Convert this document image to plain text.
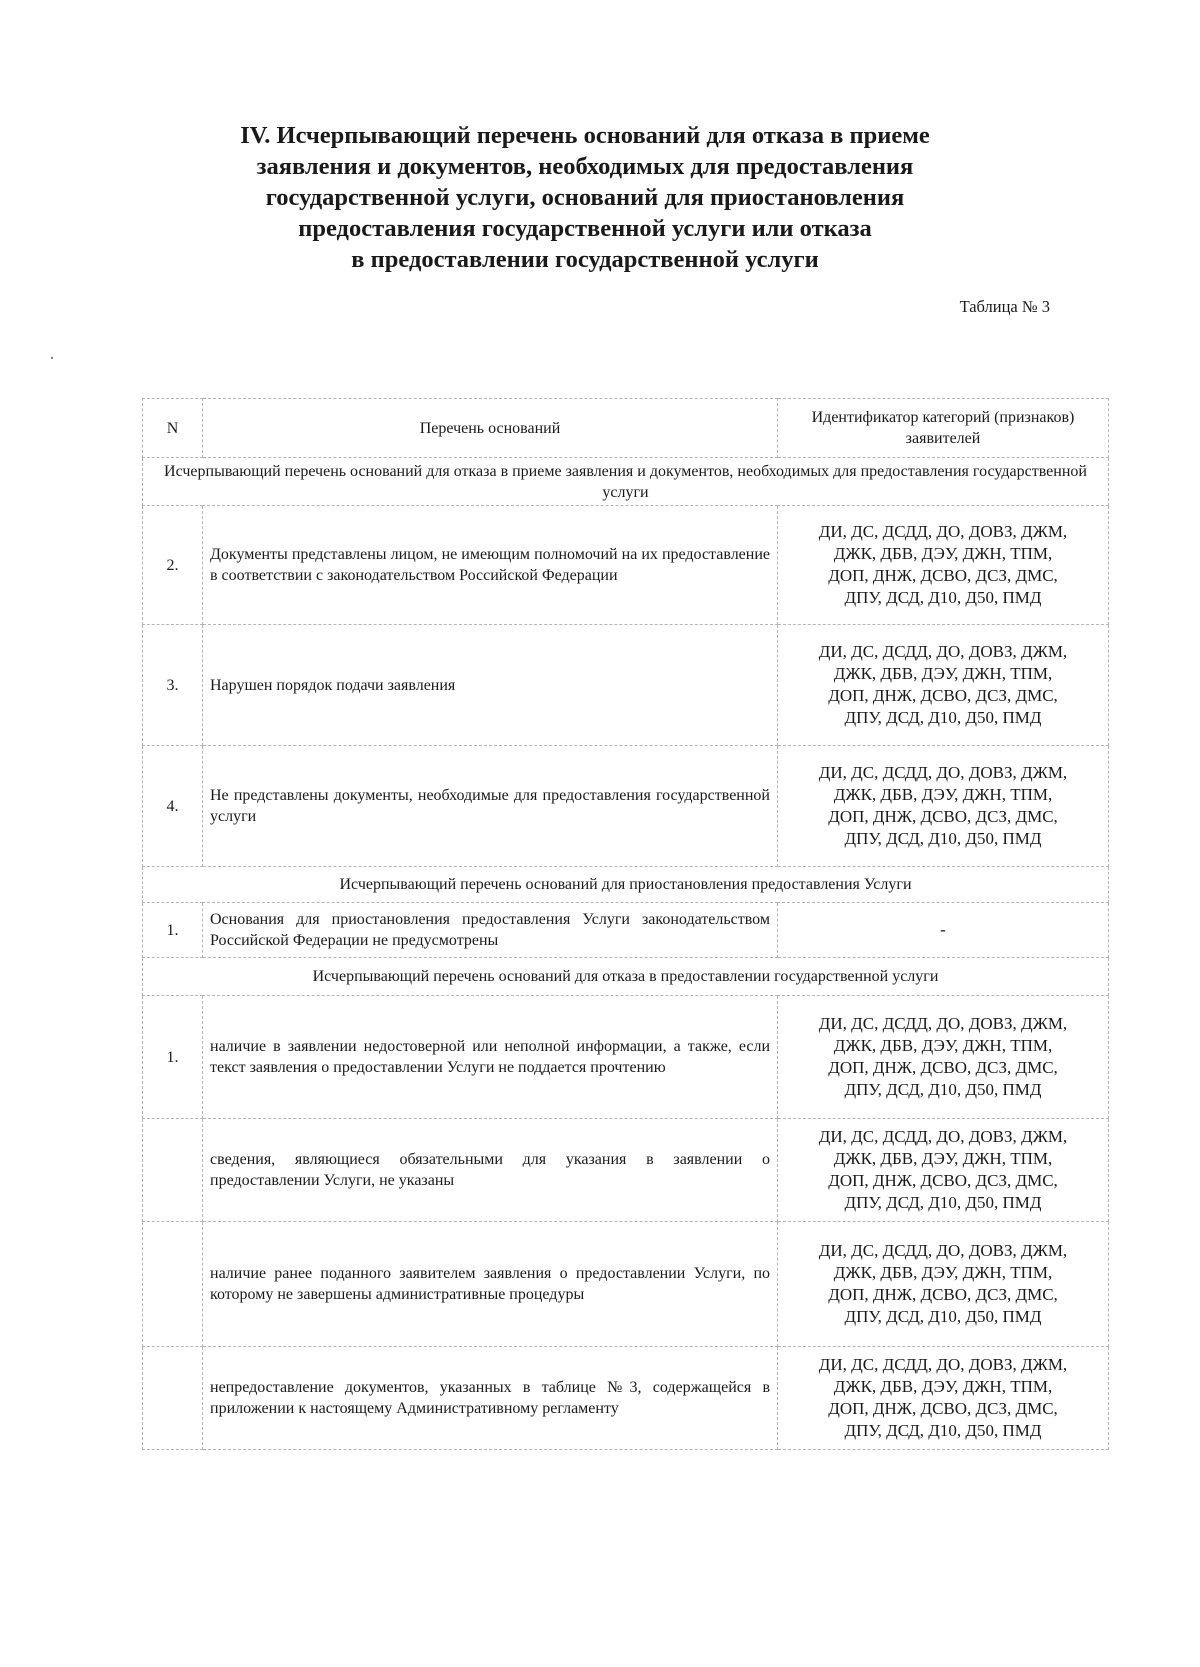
IV. Исчерпывающий перечень оснований для отказа в приеме
заявления и документов, необходимых для предоставления
государственной услуги, оснований для приостановления
предоставления государственной услуги или отказа
в предоставлении государственной услуги
Таблица № 3
N	Перечень оснований	Идентификатор категорий (признаков) заявителей
Исчерпывающий перечень оснований для отказа в приеме заявления и документов, необходимых для предоставления государственной услуги		
2.	Документы представлены лицом, не имеющим полномочий на их предоставление в соответствии с законодательством Российской Федерации	ДИ, ДС, ДСДД, ДО, ДОВЗ, ДЖМ,
ДЖК, ДБВ, ДЭУ, ДЖН, ТПМ,
ДОП, ДНЖ, ДСВО, ДСЗ, ДМС,
ДПУ, ДСД, Д10, Д50, ПМД

3.	Нарушен порядок подачи заявления	ДИ, ДС, ДСДД, ДО, ДОВЗ, ДЖМ,
ДЖК, ДБВ, ДЭУ, ДЖН, ТПМ,
ДОП, ДНЖ, ДСВО, ДСЗ, ДМС,
ДПУ, ДСД, Д10, Д50, ПМД

4.	Не представлены документы, необходимые для предоставления государственной услуги	ДИ, ДС, ДСДД, ДО, ДОВЗ, ДЖМ,
ДЖК, ДБВ, ДЭУ, ДЖН, ТПМ,
ДОП, ДНЖ, ДСВО, ДСЗ, ДМС,
ДПУ, ДСД, Д10, Д50, ПМД

Исчерпывающий перечень оснований для приостановления предоставления Услуги		
1.	Основания для приостановления предоставления Услуги законодательством Российской Федерации не предусмотрены	-

Исчерпывающий перечень оснований для отказа в предоставлении государственной услуги		
1.	наличие в заявлении недостоверной или неполной информации, а также, если текст заявления о предоставлении Услуги не поддается прочтению	ДИ, ДС, ДСДД, ДО, ДОВЗ, ДЖМ,
ДЖК, ДБВ, ДЭУ, ДЖН, ТПМ,
ДОП, ДНЖ, ДСВО, ДСЗ, ДМС,
ДПУ, ДСД, Д10, Д50, ПМД

	сведения, являющиеся обязательными для указания в заявлении о предоставлении Услуги, не указаны	ДИ, ДС, ДСДД, ДО, ДОВЗ, ДЖМ,
ДЖК, ДБВ, ДЭУ, ДЖН, ТПМ,
ДОП, ДНЖ, ДСВО, ДСЗ, ДМС,
ДПУ, ДСД, Д10, Д50, ПМД

	наличие ранее поданного заявителем заявления о предоставлении Услуги, по которому не завершены административные процедуры	ДИ, ДС, ДСДД, ДО, ДОВЗ, ДЖМ,
ДЖК, ДБВ, ДЭУ, ДЖН, ТПМ,
ДОП, ДНЖ, ДСВО, ДСЗ, ДМС,
ДПУ, ДСД, Д10, Д50, ПМД

	непредоставление документов, указанных в таблице №3, содержащейся в приложении к настоящему Административному регламенту	ДИ, ДС, ДСДД, ДО, ДОВЗ, ДЖМ,
ДЖК, ДБВ, ДЭУ, ДЖН, ТПМ,
ДОП, ДНЖ, ДСВО, ДСЗ, ДМС,
ДПУ, ДСД, Д10, Д50, ПМД
